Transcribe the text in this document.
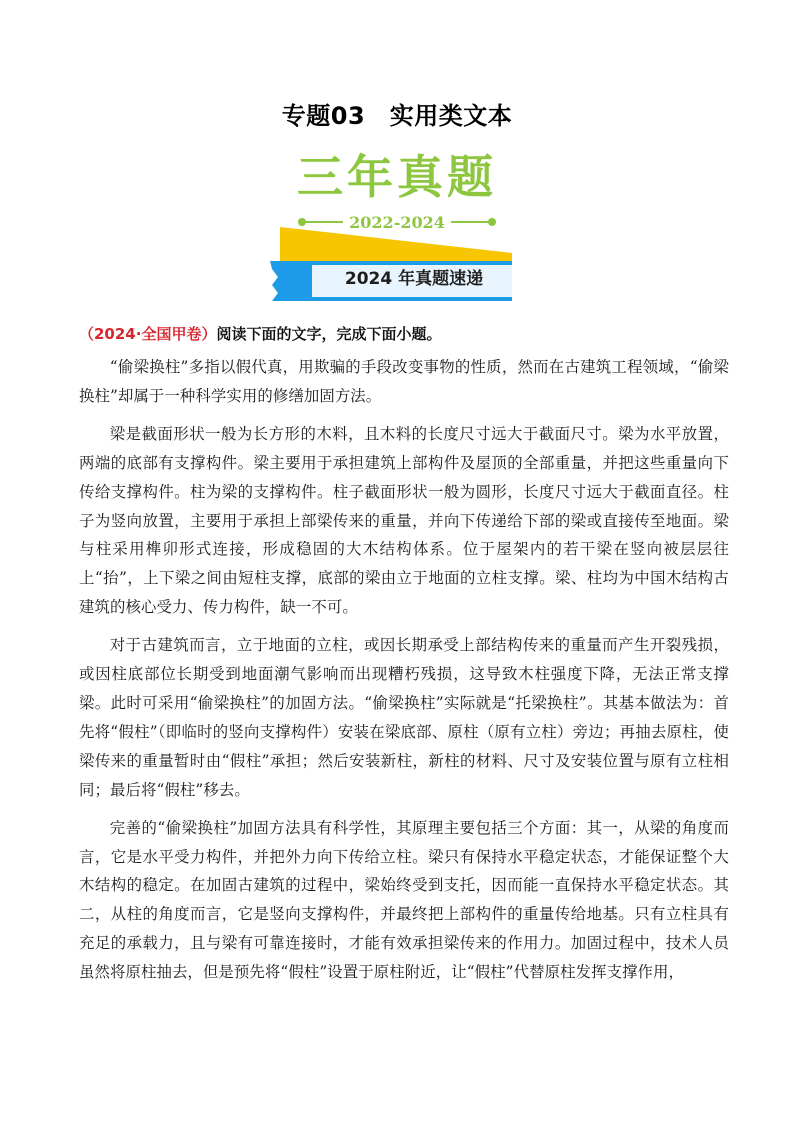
专题03　实用类文本
三年真题
2022-2024
2024 年真题速递
（2024·全国甲卷）阅读下面的文字，完成下面小题。

“偷梁换柱”多指以假代真，用欺骗的手段改变事物的性质，然而在古建筑工程领域，“偷梁换柱”却属于一种科学实用的修缮加固方法。

梁是截面形状一般为长方形的木料，且木料的长度尺寸远大于截面尺寸。梁为水平放置，两端的底部有支撑构件。梁主要用于承担建筑上部构件及屋顶的全部重量，并把这些重量向下传给支撑构件。柱为梁的支撑构件。柱子截面形状一般为圆形，长度尺寸远大于截面直径。柱子为竖向放置，主要用于承担上部梁传来的重量，并向下传递给下部的梁或直接传至地面。梁与柱采用榫卯形式连接，形成稳固的大木结构体系。位于屋架内的若干梁在竖向被层层往上“抬”，上下梁之间由短柱支撑，底部的梁由立于地面的立柱支撑。梁、柱均为中国木结构古建筑的核心受力、传力构件，缺一不可。

对于古建筑而言，立于地面的立柱，或因长期承受上部结构传来的重量而产生开裂残损，或因柱底部位长期受到地面潮气影响而出现糟朽残损，这导致木柱强度下降，无法正常支撑梁。此时可采用“偷梁换柱”的加固方法。“偷梁换柱”实际就是“托梁换柱”。其基本做法为：首先将“假柱”（即临时的竖向支撑构件）安装在梁底部、原柱（原有立柱）旁边；再抽去原柱，使梁传来的重量暂时由“假柱”承担；然后安装新柱，新柱的材料、尺寸及安装位置与原有立柱相同；最后将“假柱”移去。

完善的“偷梁换柱”加固方法具有科学性，其原理主要包括三个方面：其一，从梁的角度而言，它是水平受力构件，并把外力向下传给立柱。梁只有保持水平稳定状态，才能保证整个大木结构的稳定。在加固古建筑的过程中，梁始终受到支托，因而能一直保持水平稳定状态。其二，从柱的角度而言，它是竖向支撑构件，并最终把上部构件的重量传给地基。只有立柱具有充足的承载力，且与梁有可靠连接时，才能有效承担梁传来的作用力。加固过程中，技术人员虽然将原柱抽去，但是预先将“假柱”设置于原柱附近，让“假柱”代替原柱发挥支撑作用，
